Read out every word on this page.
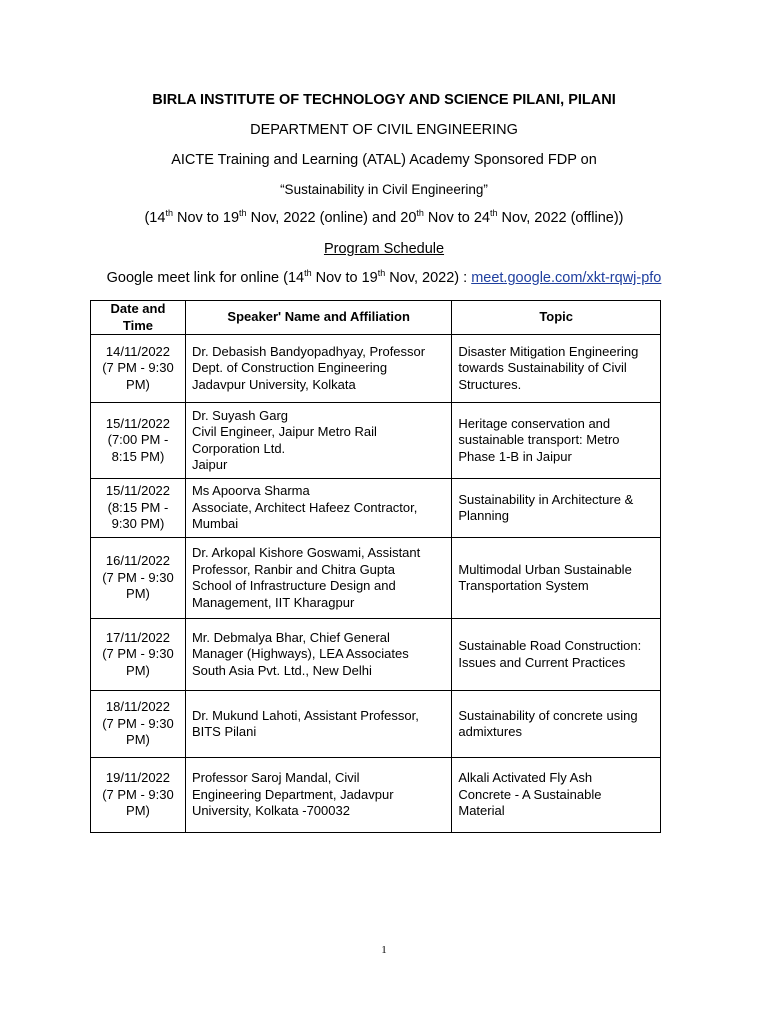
BIRLA INSTITUTE OF TECHNOLOGY AND SCIENCE PILANI, PILANI
DEPARTMENT OF CIVIL ENGINEERING
AICTE Training and Learning (ATAL) Academy Sponsored FDP on
“Sustainability in Civil Engineering”
(14th Nov to 19th Nov, 2022 (online) and 20th Nov to 24th Nov, 2022 (offline))
Program Schedule
Google meet link for online (14th Nov to 19th Nov, 2022) : meet.google.com/xkt-rqwj-pfo
Date and
Time	Speaker' Name and Affiliation	Topic
14/11/2022
(7 PM - 9:30
PM)	Dr. Debasish Bandyopadhyay, Professor
Dept. of Construction Engineering
Jadavpur University, Kolkata	Disaster Mitigation Engineering
towards Sustainability of Civil
Structures.
15/11/2022
(7:00 PM -
8:15 PM)	Dr. Suyash Garg
Civil Engineer, Jaipur Metro Rail
Corporation Ltd.
Jaipur	Heritage conservation and
sustainable transport: Metro
Phase 1-B in Jaipur
15/11/2022
(8:15 PM -
9:30 PM)	Ms Apoorva Sharma
Associate, Architect Hafeez Contractor,
Mumbai	Sustainability in Architecture &
Planning
16/11/2022
(7 PM - 9:30
PM)	Dr. Arkopal Kishore Goswami, Assistant
Professor, Ranbir and Chitra Gupta
School of Infrastructure Design and
Management, IIT Kharagpur	Multimodal Urban Sustainable
Transportation System
17/11/2022
(7 PM - 9:30
PM)	Mr. Debmalya Bhar, Chief General
Manager (Highways), LEA Associates
South Asia Pvt. Ltd., New Delhi	Sustainable Road Construction:
Issues and Current Practices
18/11/2022
(7 PM - 9:30
PM)	Dr. Mukund Lahoti, Assistant Professor,
BITS Pilani	Sustainability of concrete using
admixtures
19/11/2022
(7 PM - 9:30
PM)	Professor Saroj Mandal, Civil
Engineering Department, Jadavpur
University, Kolkata -700032	Alkali Activated Fly Ash
Concrete - A Sustainable
Material
1
